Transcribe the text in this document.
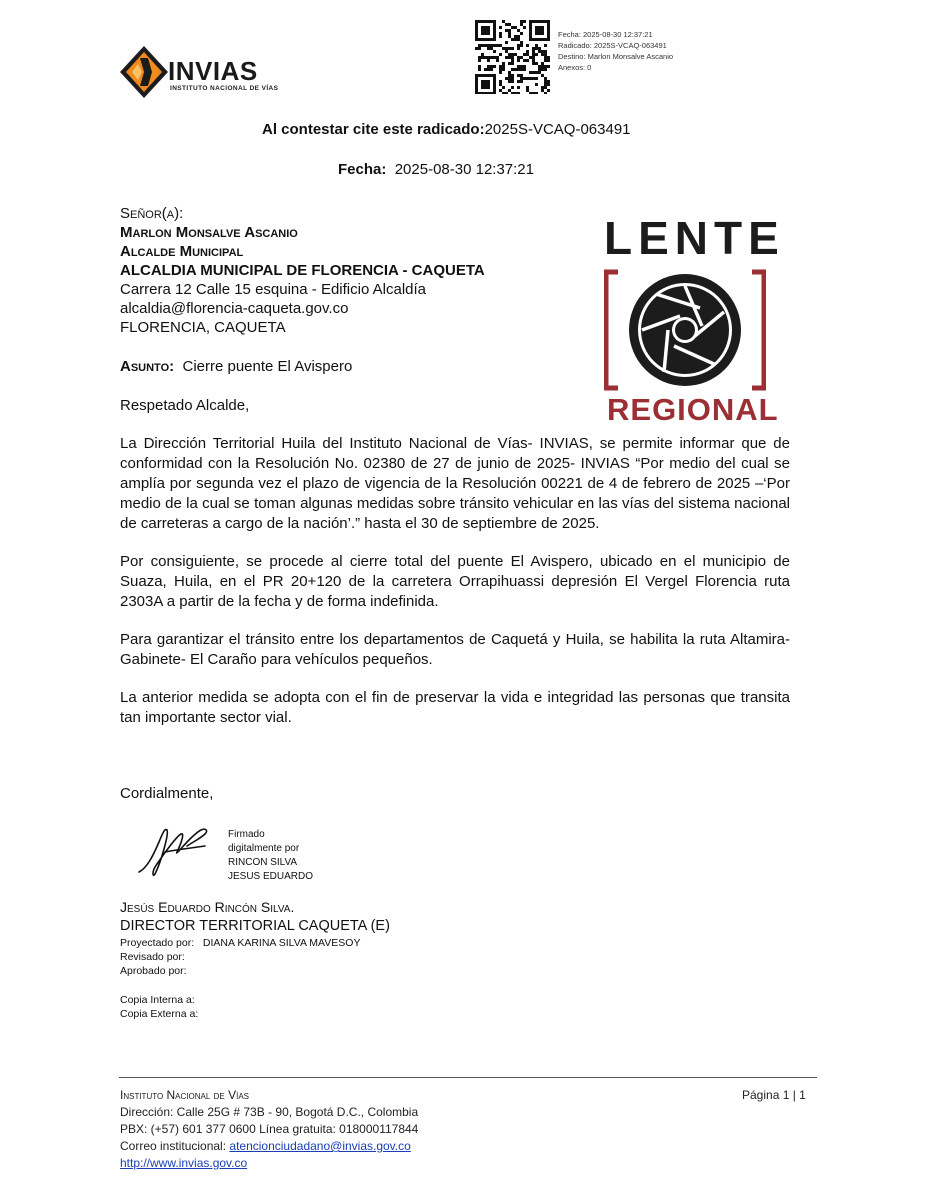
INVIAS
INSTITUTO NACIONAL DE VÍAS
Fecha: 2025-08-30 12:37:21
Radicado: 2025S-VCAQ-063491
Destino: Marlon Monsalve Ascanio
Anexos: 0
Al contestar cite este radicado:2025S-VCAQ-063491
Fecha: 2025-08-30 12:37:21
Señor(a):
Marlon Monsalve Ascanio
Alcalde Municipal
ALCALDIA MUNICIPAL DE FLORENCIA - CAQUETA
Carrera 12 Calle 15 esquina - Edificio Alcaldía
alcaldia@florencia-caqueta.gov.co
FLORENCIA, CAQUETA
Asunto: Cierre puente El Avispero
Respetado Alcalde,
La Dirección Territorial Huila del Instituto Nacional de Vías- INVIAS, se permite informar que de conformidad con la Resolución No. 02380 de 27 de junio de 2025- INVIAS “Por medio del cual se amplía por segunda vez el plazo de vigencia de la Resolución 00221 de 4 de febrero de 2025 –‘Por medio de la cual se toman algunas medidas sobre tránsito vehicular en las vías del sistema nacional de carreteras a cargo de la nación’.” hasta el 30 de septiembre de 2025.
Por consiguiente, se procede al cierre total del puente El Avispero, ubicado en el municipio de Suaza, Huila, en el PR 20+120 de la carretera Orrapihuassi depresión El Vergel Florencia ruta 2303A a partir de la fecha y de forma indefinida.
Para garantizar el tránsito entre los departamentos de Caquetá y Huila, se habilita la ruta Altamira- Gabinete- El Caraño para vehículos pequeños.
La anterior medida se adopta con el fin de preservar la vida e integridad las personas que transita tan importante sector vial.
LENTE
REGIONAL
Cordialmente,
Firmado
digitalmente por
RINCON SILVA
JESUS EDUARDO
Jesús Eduardo Rincón Silva.
DIRECTOR TERRITORIAL CAQUETA (E)
Proyectado por: DIANA KARINA SILVA MAVESOY
Revisado por:
Aprobado por:
Copia Interna a:
Copia Externa a:
Instituto Nacional de Vías
Dirección: Calle 25G # 73B - 90, Bogotá D.C., Colombia
PBX: (+57) 601 377 0600 Línea gratuita: 018000117844
Correo institucional: atencionciudadano@invias.gov.co
http://www.invias.gov.co
Página 1 | 1
